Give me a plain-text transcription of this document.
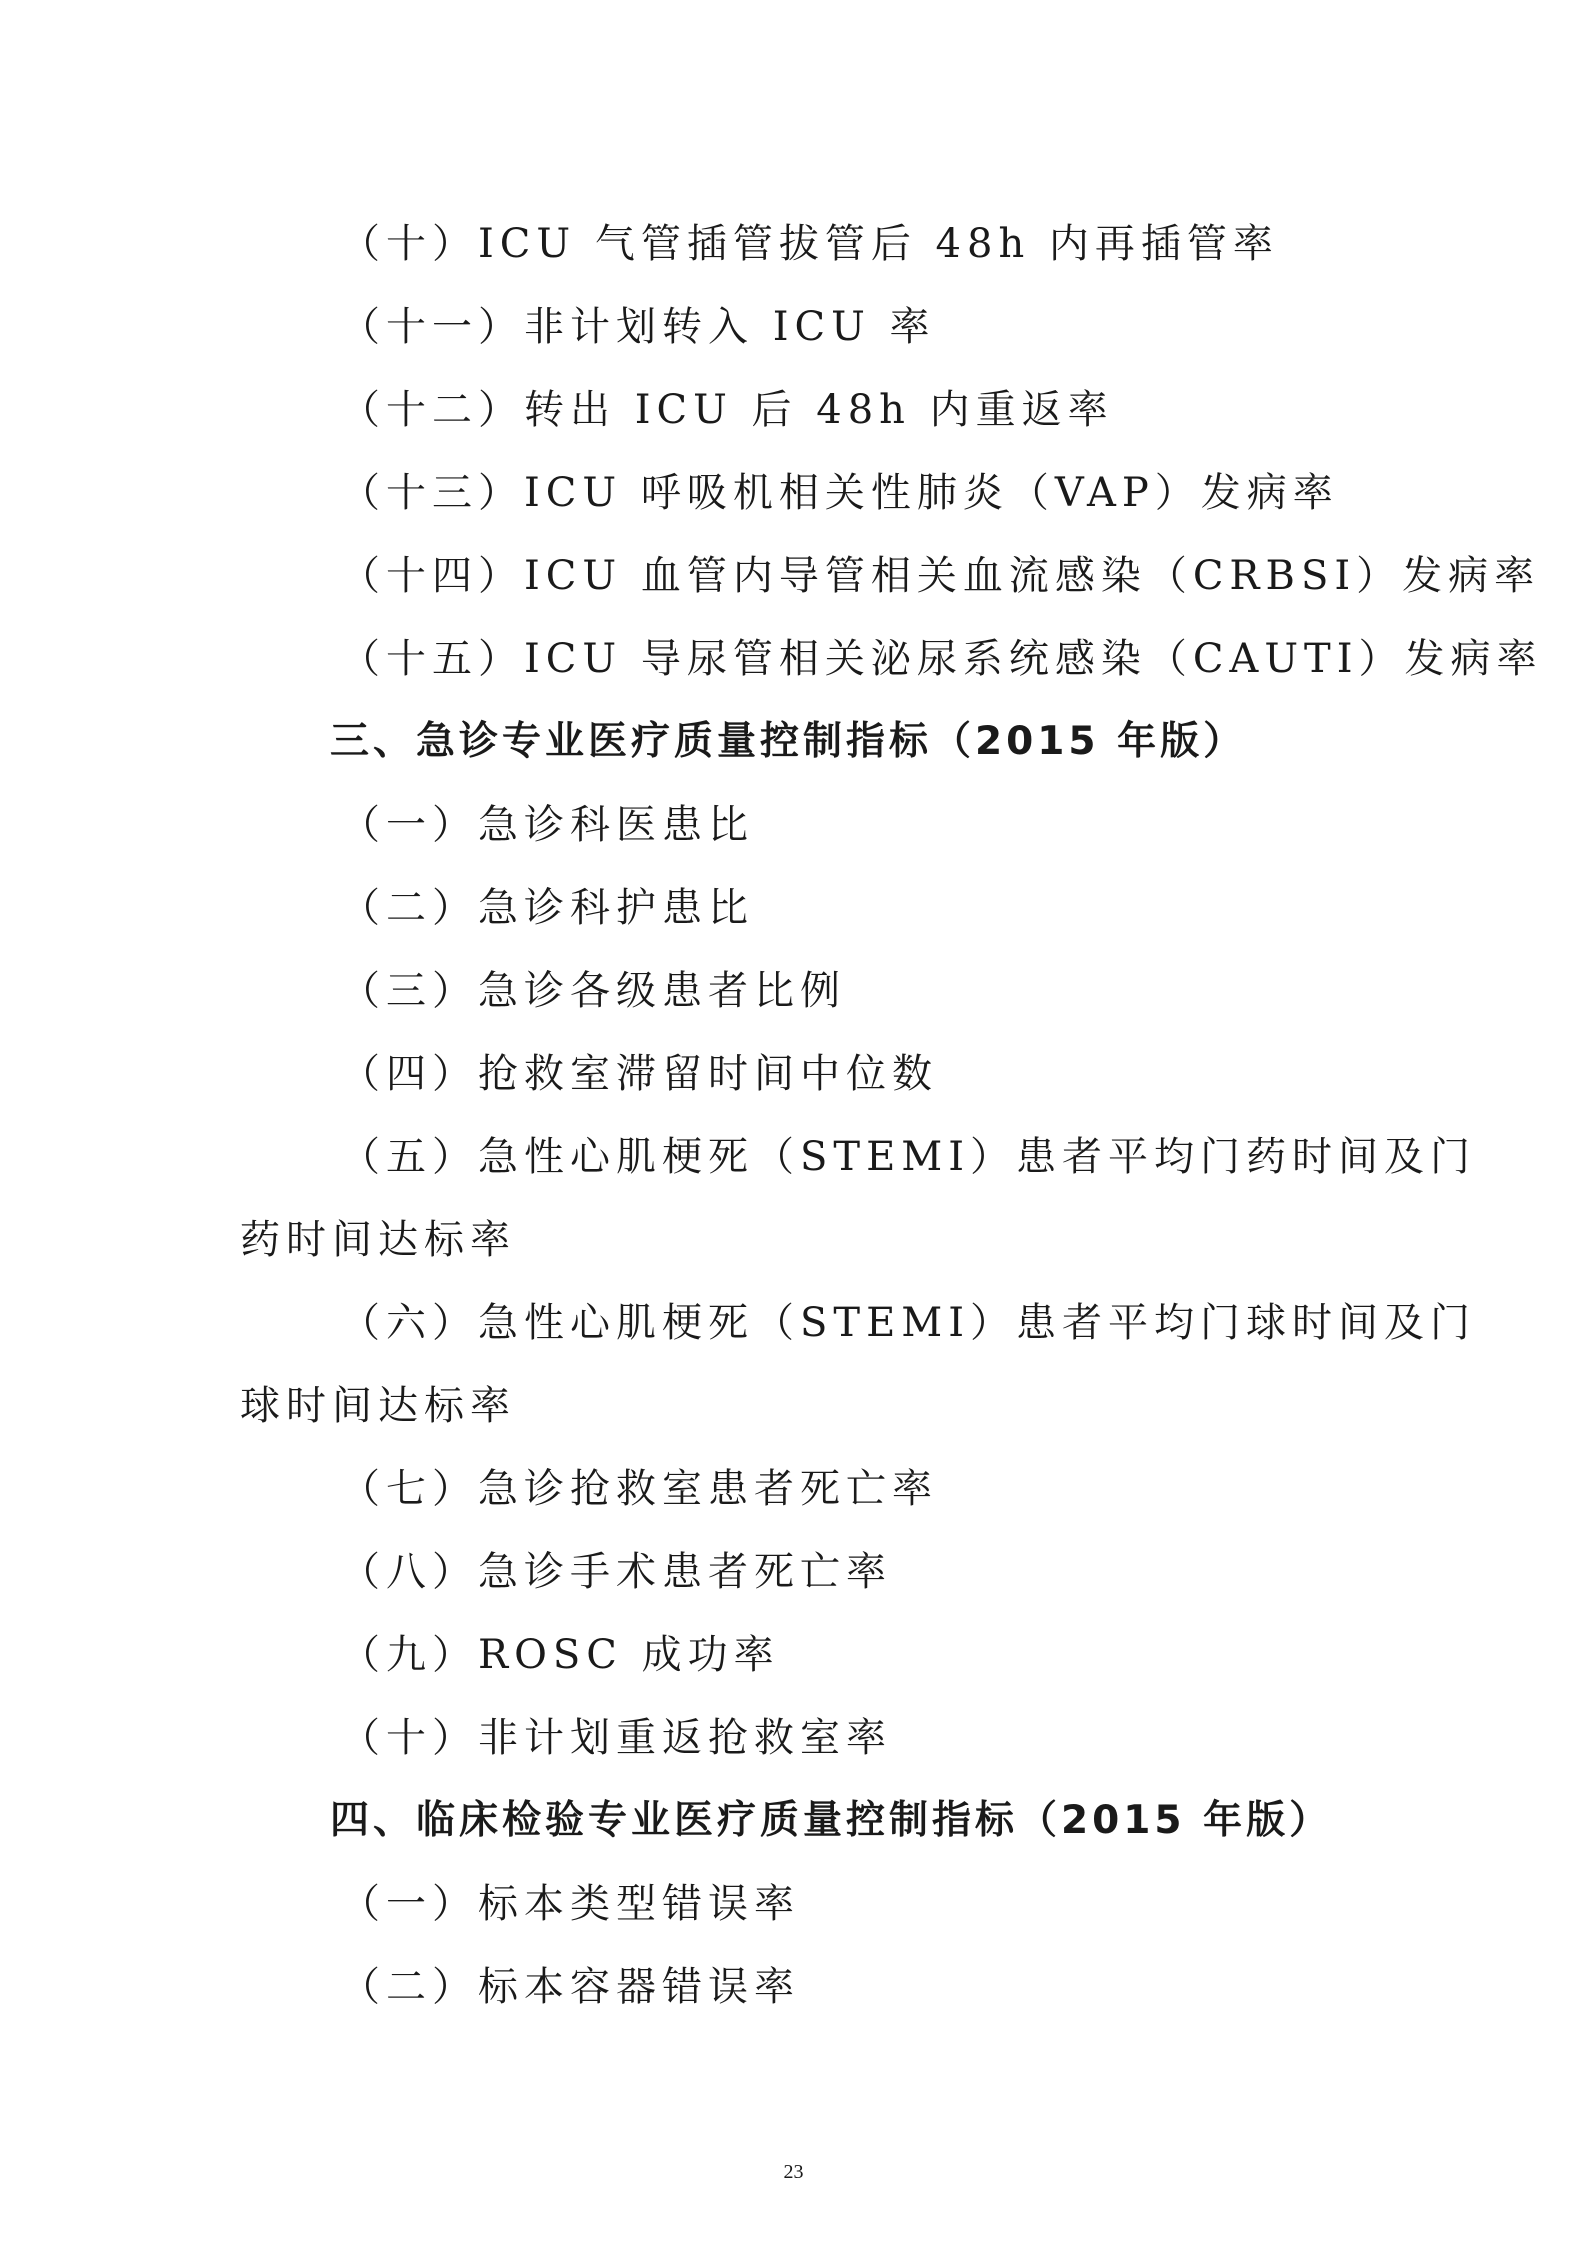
（十）ICU 气管插管拔管后 48h 内再插管率
（十一）非计划转入 ICU 率
（十二）转出 ICU 后 48h 内重返率
（十三）ICU 呼吸机相关性肺炎（VAP）发病率
（十四）ICU 血管内导管相关血流感染（CRBSI）发病率
（十五）ICU 导尿管相关泌尿系统感染（CAUTI）发病率
三、急诊专业医疗质量控制指标（2015 年版）
（一）急诊科医患比
（二）急诊科护患比
（三）急诊各级患者比例
（四）抢救室滞留时间中位数
（五）急性心肌梗死（STEMI）患者平均门药时间及门
药时间达标率
（六）急性心肌梗死（STEMI）患者平均门球时间及门
球时间达标率
（七）急诊抢救室患者死亡率
（八）急诊手术患者死亡率
（九）ROSC 成功率
（十）非计划重返抢救室率
四、临床检验专业医疗质量控制指标（2015 年版）
（一）标本类型错误率
（二）标本容器错误率
23
